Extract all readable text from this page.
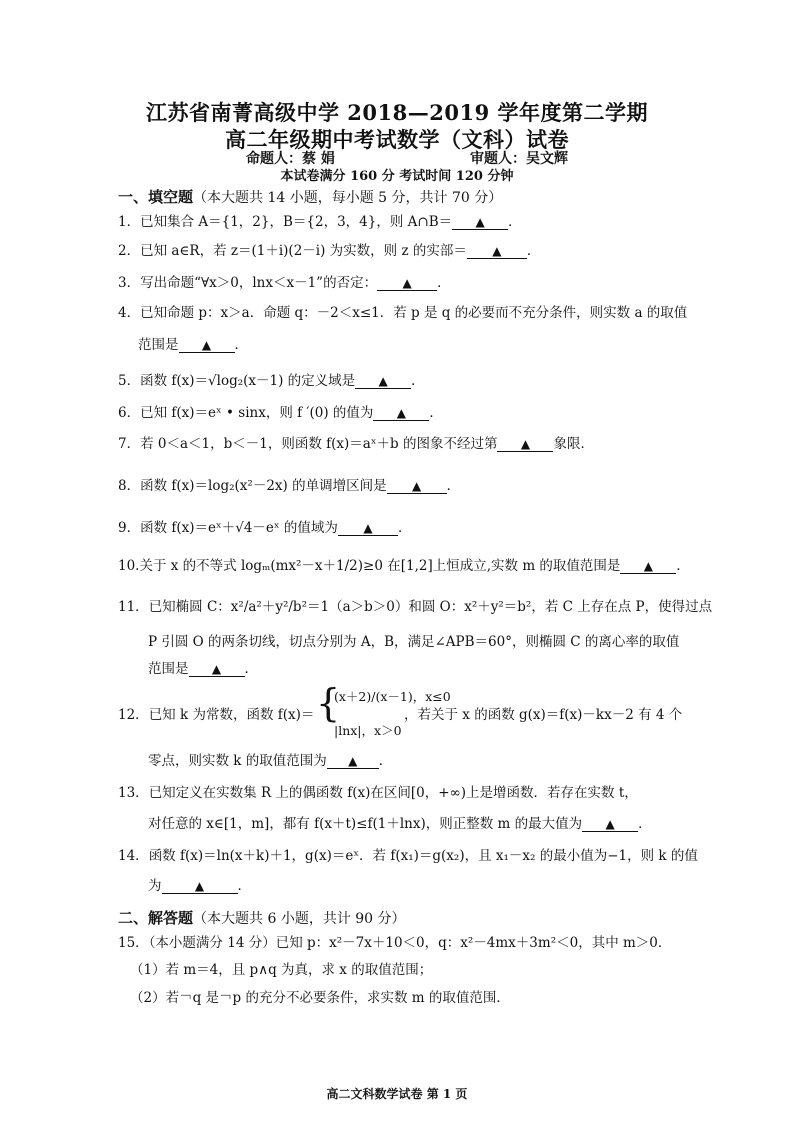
江苏省南菁高级中学 2018—2019 学年度第二学期
高二年级期中考试数学（文科）试卷
命题人：蔡 娟	审题人：吴文辉
本试卷满分 160 分 考试时间 120 分钟
一、填空题（本大题共 14 小题，每小题 5 分，共计 70 分）
1．已知集合 A＝{1，2}，B＝{2，3，4}，则 A∩B＝ ▲ ．
2．已知 a∈R，若 z＝(1＋i)(2－i) 为实数，则 z 的实部＝ ▲ ．
3．写出命题“∀x＞0，lnx＜x－1”的否定： ▲ ．
4．已知命题 p：x＞a．命题 q：－2＜x≤1．若 p 是 q 的必要而不充分条件，则实数 a 的取值
范围是 ▲ ．
5．函数 f(x)＝√log₂(x－1) 的定义域是 ▲ ．
6．已知 f(x)＝eˣ • sinx，则 f ′(0) 的值为 ▲ ．
7．若 0＜a＜1，b＜－1，则函数 f(x)＝aˣ＋b 的图象不经过第 ▲ 象限．
8．函数 f(x)＝log₂(x²－2x) 的单调增区间是 ▲ ．
9．函数 f(x)＝eˣ＋√4－eˣ 的值域为 ▲ ．
10.关于 x 的不等式 logₘ(mx²－x＋1/2)≥0 在[1,2]上恒成立,实数 m 的取值范围是 ▲ ．
11．已知椭圆 C：x²/a²＋y²/b²＝1（a＞b＞0）和圆 O：x²＋y²＝b²，若 C 上存在点 P，使得过点
P 引圆 O 的两条切线，切点分别为 A，B，满足∠APB＝60°，则椭圆 C 的离心率的取值
范围是 ▲ ．
12．已知 k 为常数，函数 f(x)＝ {
(x＋2)/(x－1)，x≤0
|lnx|，x＞0
，若关于 x 的函数 g(x)＝f(x)－kx－2 有 4 个
零点，则实数 k 的取值范围为 ▲ ．
13．已知定义在实数集 R 上的偶函数 f(x)在区间[0，+∞)上是增函数．若存在实数 t，
对任意的 x∈[1，m]，都有 f(x＋t)≤f(1＋lnx)，则正整数 m 的最大值为 ▲ ．
14．函数 f(x)＝ln(x＋k)＋1，g(x)＝eˣ．若 f(x₁)＝g(x₂)，且 x₁－x₂ 的最小值为−1，则 k 的值
为	▲ ．
二、解答题（本大题共 6 小题，共计 90 分）
15．（本小题满分 14 分）已知 p：x²－7x＋10＜0，q：x²－4mx＋3m²＜0，其中 m＞0．
（1）若 m＝4，且 p∧q 为真，求 x 的取值范围；
（2）若￢q 是￢p 的充分不必要条件，求实数 m 的取值范围．
高二文科数学试卷 第 1 页
